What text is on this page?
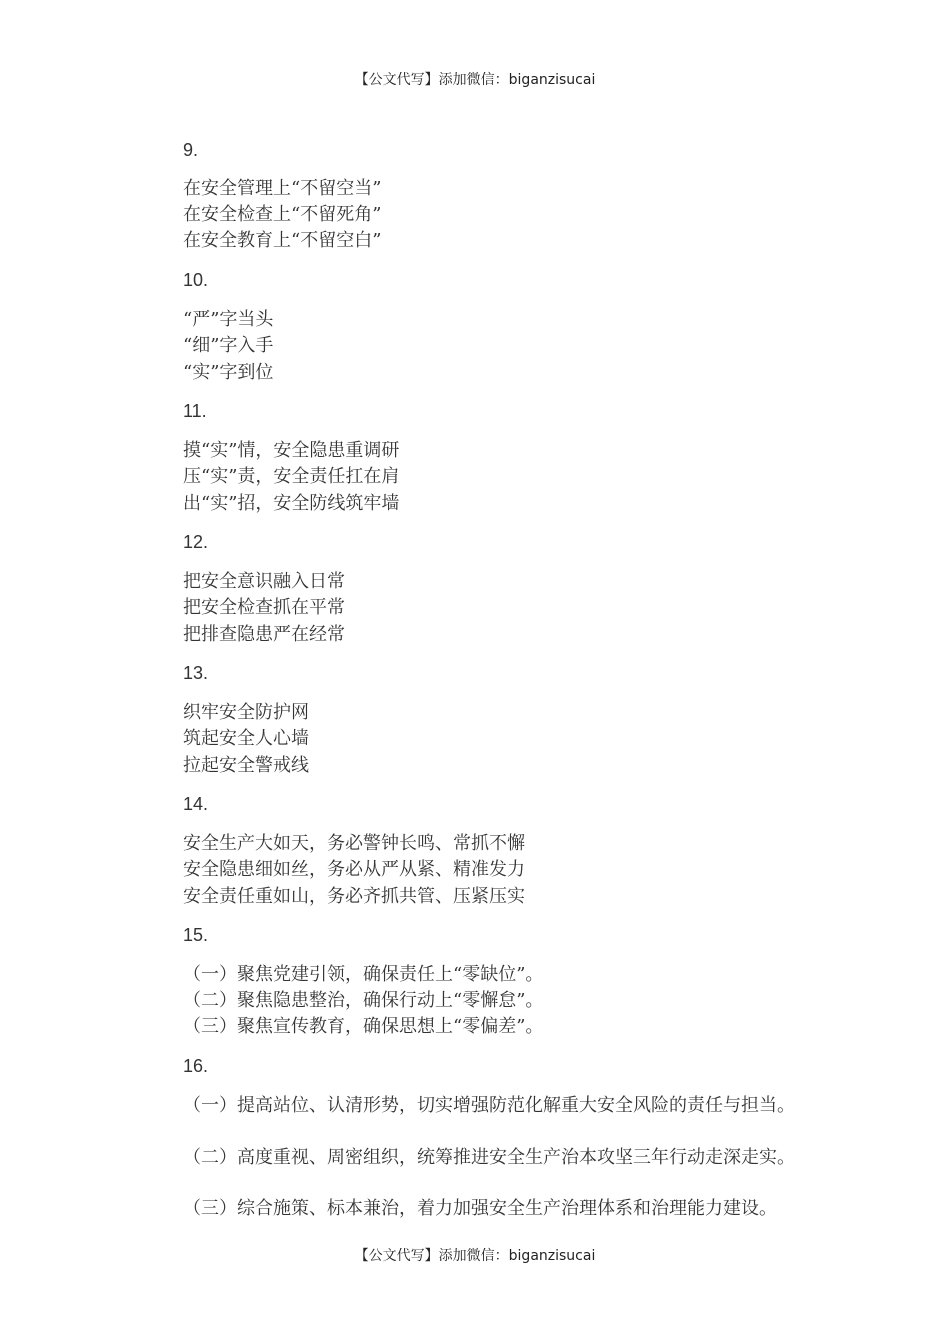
【公文代写】添加微信：biganzisucai
9.
在安全管理上“不留空当”
在安全检查上“不留死角”
在安全教育上“不留空白”
10.
“严”字当头
“细”字入手
“实”字到位
11.
摸“实”情，安全隐患重调研
压“实”责，安全责任扛在肩
出“实”招，安全防线筑牢墙
12.
把安全意识融入日常
把安全检查抓在平常
把排查隐患严在经常
13.
织牢安全防护网
筑起安全人心墙
拉起安全警戒线
14.
安全生产大如天，务必警钟长鸣、常抓不懈
安全隐患细如丝，务必从严从紧、精准发力
安全责任重如山，务必齐抓共管、压紧压实
15.
（一）聚焦党建引领，确保责任上“零缺位”。
（二）聚焦隐患整治，确保行动上“零懈怠”。
（三）聚焦宣传教育，确保思想上“零偏差”。
16.
（一）提高站位、认清形势，切实增强防范化解重大安全风险的责任与担当。
（二）高度重视、周密组织，统筹推进安全生产治本攻坚三年行动走深走实。
（三）综合施策、标本兼治，着力加强安全生产治理体系和治理能力建设。
【公文代写】添加微信：biganzisucai
